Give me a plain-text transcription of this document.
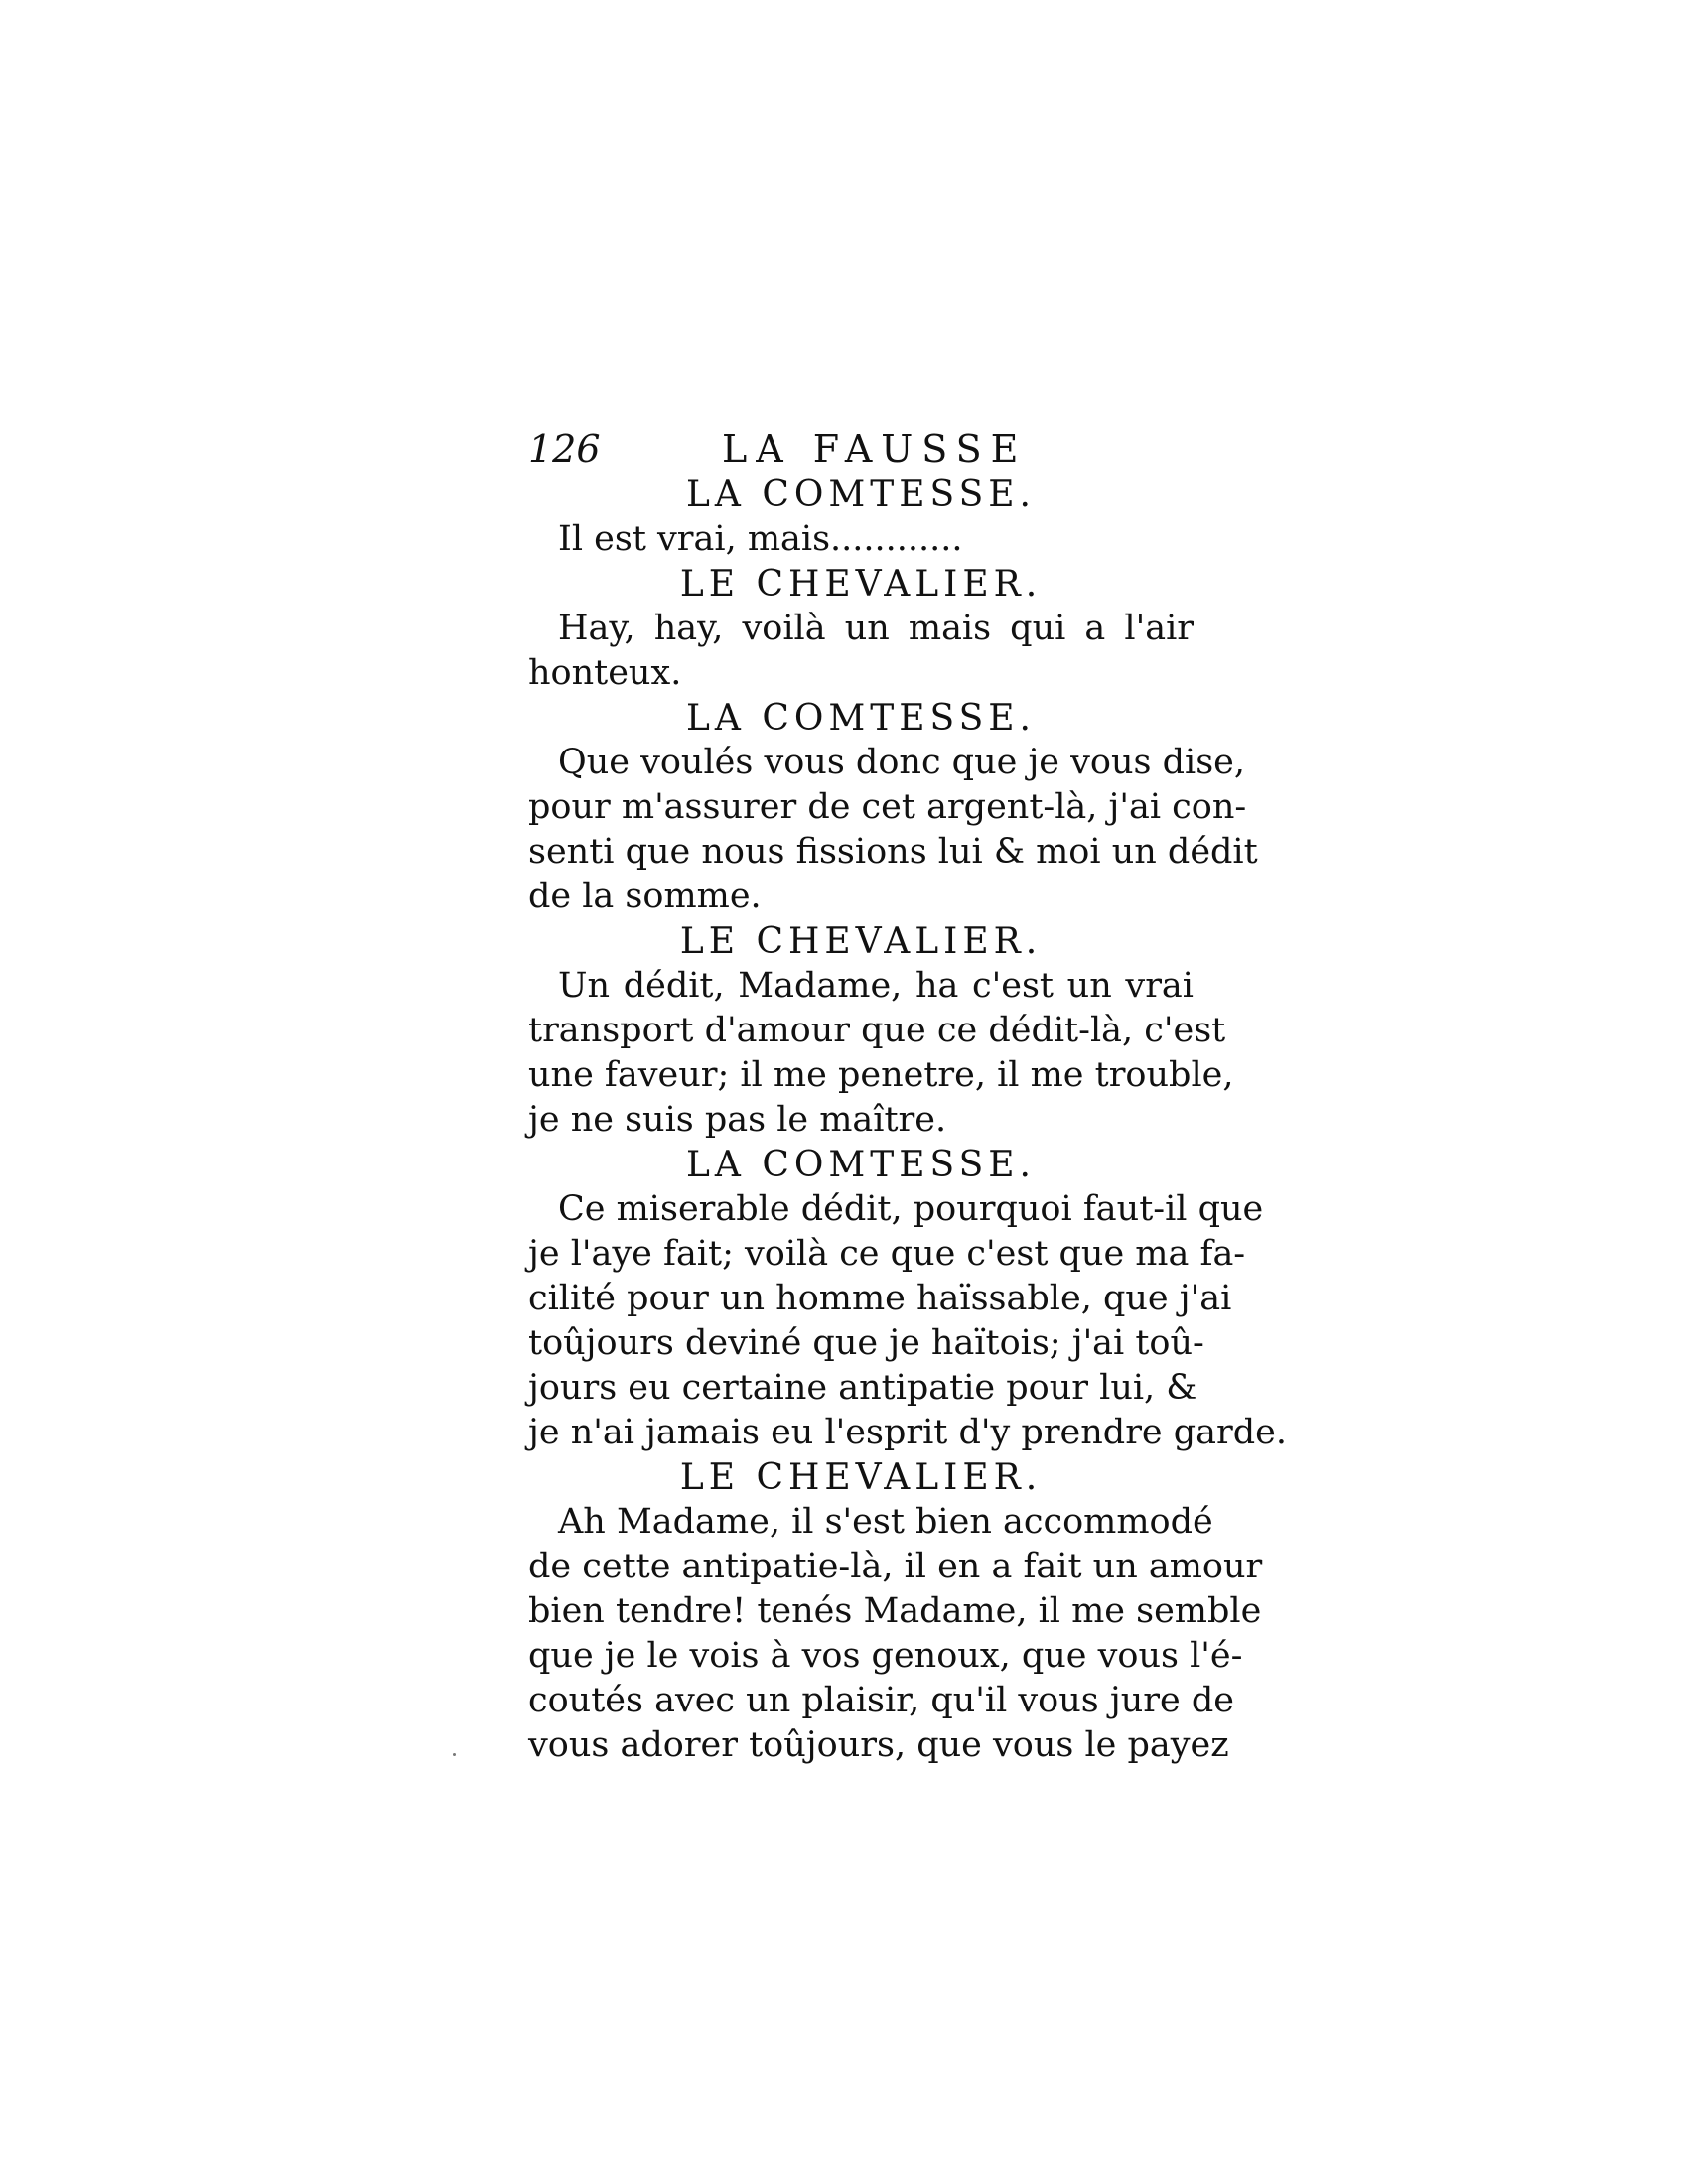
126	LA FAUSSE
LA COMTESSE.
Il est vrai, mais............
LE CHEVALIER.
Hay, hay, voilà un mais qui a l'air
honteux.
LA COMTESSE.
Que voulés vous donc que je vous dise,
pour m'assurer de cet argent-là, j'ai con-
senti que nous fissions lui & moi un dédit
de la somme.
LE CHEVALIER.
Un dédit, Madame, ha c'est un vrai
transport d'amour que ce dédit-là, c'est
une faveur; il me penetre, il me trouble,
je ne suis pas le maître.
LA COMTESSE.
Ce miserable dédit, pourquoi faut-il que
je l'aye fait; voilà ce que c'est que ma fa-
cilité pour un homme haïssable, que j'ai
toûjours deviné que je haïtois; j'ai toû-
jours eu certaine antipatie pour lui, &
je n'ai jamais eu l'esprit d'y prendre garde.
LE CHEVALIER.
Ah Madame, il s'est bien accommodé
de cette antipatie-là, il en a fait un amour
bien tendre! tenés Madame, il me semble
que je le vois à vos genoux, que vous l'é-
coutés avec un plaisir, qu'il vous jure de
vous adorer toûjours, que vous le payez
